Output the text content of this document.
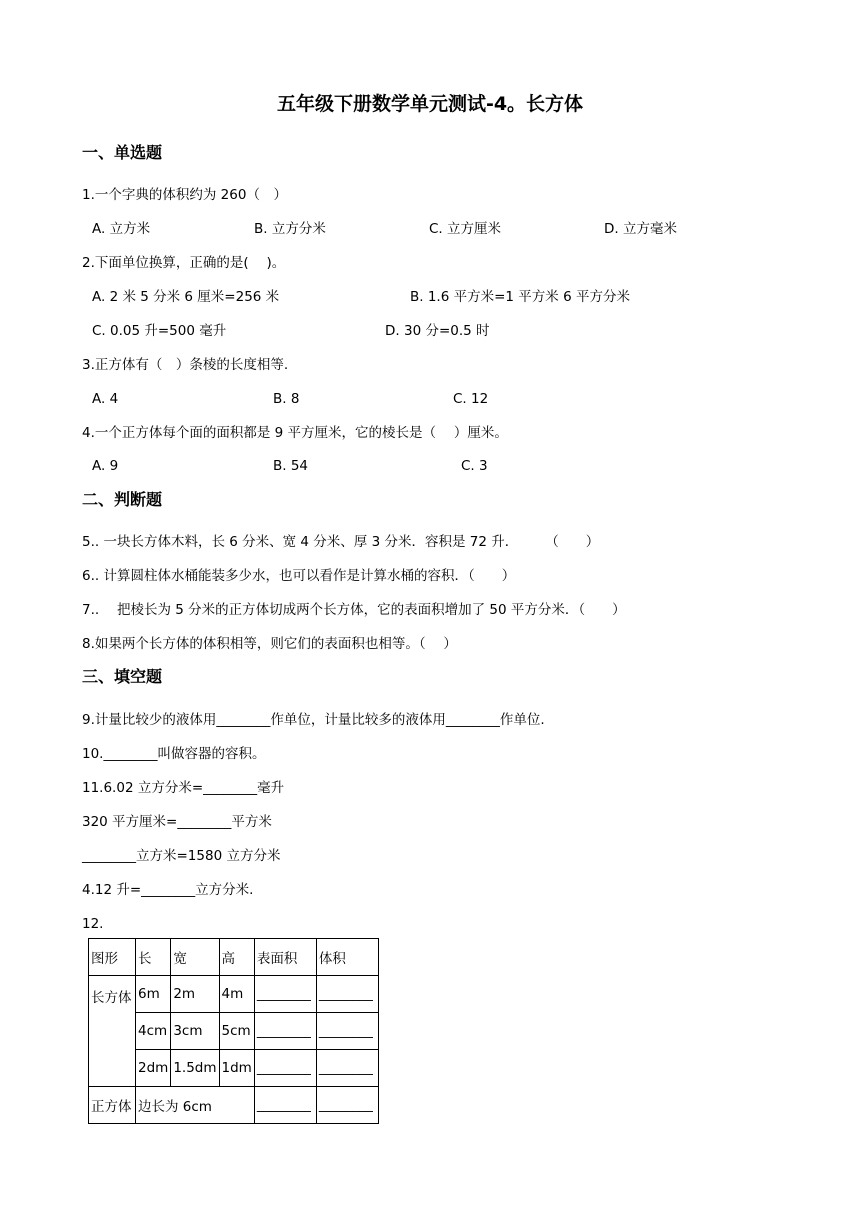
五年级下册数学单元测试-4。长方体
一、单选题
1.一个字典的体积约为 260（　）
A. 立方米	B. 立方分米	C. 立方厘米	D. 立方毫米
2.下面单位换算，正确的是(　 )。
A. 2 米 5 分米 6 厘米=256 米	B. 1.6 平方米=1 平方米 6 平方分米
C. 0.05 升=500 毫升	D. 30 分=0.5 时
3.正方体有（　）条棱的长度相等.
A. 4	B. 8	C. 12
4.一个正方体每个面的面积都是 9 平方厘米，它的棱长是（　 ）厘米。
A. 9	B. 54	C. 3
二、判断题
5.. 一块长方体木料，长 6 分米、宽 4 分米、厚 3 分米．容积是 72 升．　　　（　　）
6.. 计算圆柱体水桶能装多少水，也可以看作是计算水桶的容积．（　　）
7..　 把棱长为 5 分米的正方体切成两个长方体，它的表面积增加了 50 平方分米．（　　）
8.如果两个长方体的体积相等，则它们的表面积也相等。（　 ）
三、填空题
9.计量比较少的液体用________作单位，计量比较多的液体用________作单位.
10.________叫做容器的容积。
11.6.02 立方分米=________毫升
320 平方厘米=________平方米
________立方米=1580 立方分米
4.12 升=________立方分米.
12.
图形	长	宽	高	表面积	体积
长方体	6m	2m	4m	________	________
	4cm	3cm	5cm	________	________
	2dm	1.5dm	1dm	________	________
正方体	边长为 6cm			________	________
